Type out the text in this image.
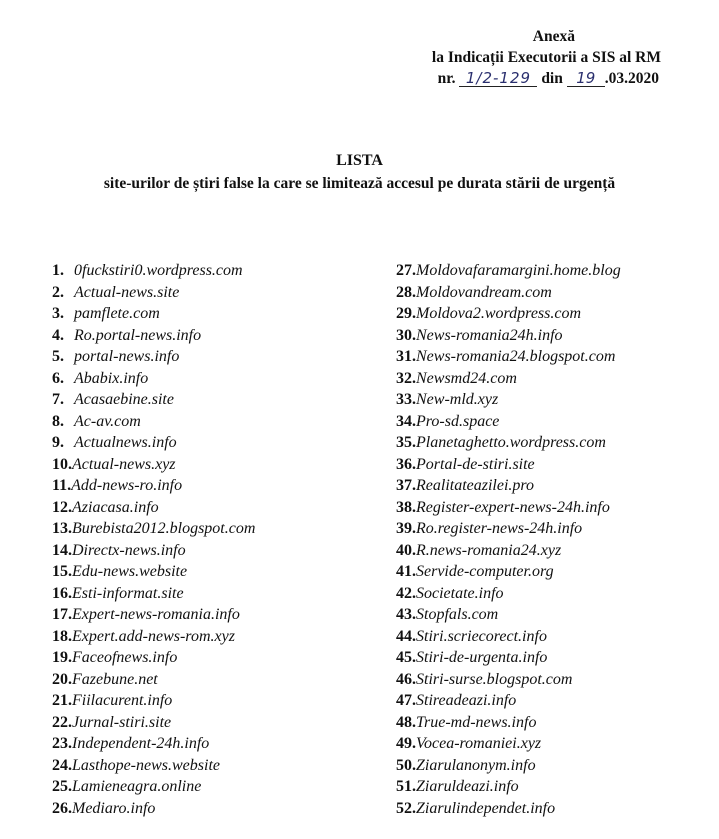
Anexă
la Indicații Executorii a SIS al RM
nr. 1/2-129 din 19 .03.2020
LISTA
site-urilor de știri false la care se limitează accesul pe durata stării de urgență
1. 0fuckstiri0.wordpress.com
2. Actual-news.site
3. pamflete.com
4. Ro.portal-news.info
5. portal-news.info
6. Ababix.info
7. Acasaebine.site
8. Ac-av.com
9. Actualnews.info
10.Actual-news.xyz
11.Add-news-ro.info
12.Aziacasa.info
13.Burebista2012.blogspot.com
14.Directx-news.info
15.Edu-news.website
16.Esti-informat.site
17.Expert-news-romania.info
18.Expert.add-news-rom.xyz
19.Faceofnews.info
20.Fazebune.net
21.Fiilacurent.info
22.Jurnal-stiri.site
23.Independent-24h.info
24.Lasthope-news.website
25.Lamieneagra.online
26.Mediaro.info
27.Moldovafaramargini.home.blog
28.Moldovandream.com
29.Moldova2.wordpress.com
30.News-romania24h.info
31.News-romania24.blogspot.com
32.Newsmd24.com
33.New-mld.xyz
34.Pro-sd.space
35.Planetaghetto.wordpress.com
36.Portal-de-stiri.site
37.Realitateazilei.pro
38.Register-expert-news-24h.info
39.Ro.register-news-24h.info
40.R.news-romania24.xyz
41.Servide-computer.org
42.Societate.info
43.Stopfals.com
44.Stiri.scriecorect.info
45.Stiri-de-urgenta.info
46.Stiri-surse.blogspot.com
47.Stireadeazi.info
48.True-md-news.info
49.Vocea-romaniei.xyz
50.Ziarulanonym.info
51.Ziaruldeazi.info
52.Ziarulindependet.info
